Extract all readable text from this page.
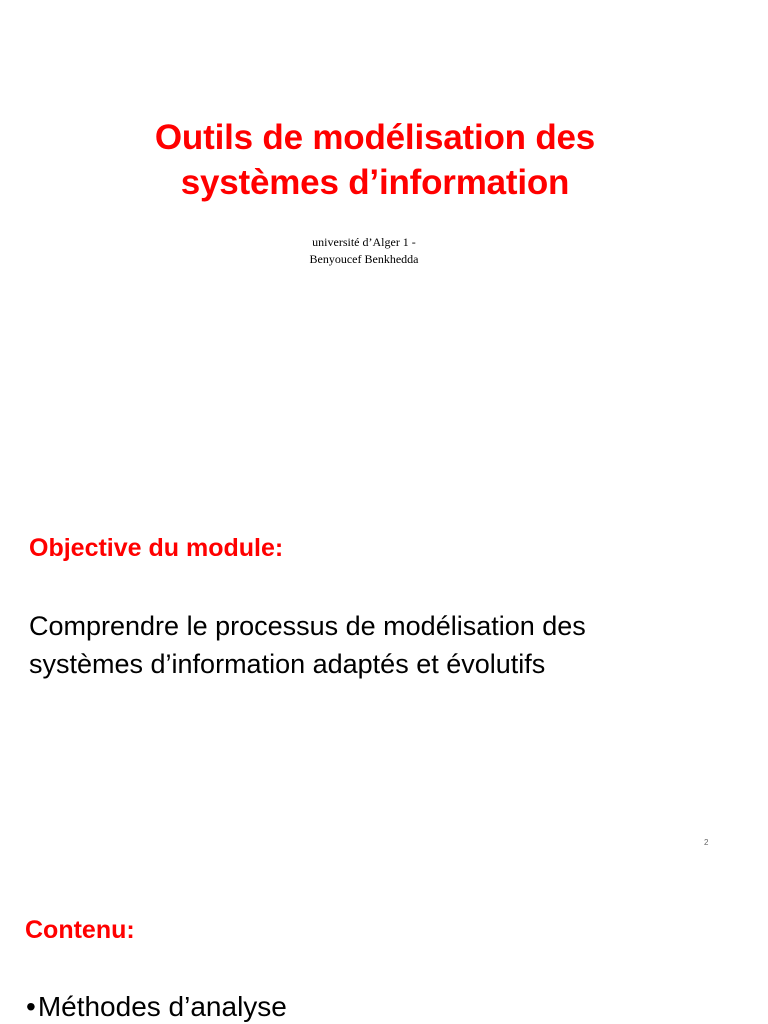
Outils de modélisation des
systèmes d’information
université d’Alger 1 -
Benyoucef Benkhedda
Objective du module:
Comprendre le processus de modélisation des
systèmes d’information adaptés et évolutifs
2
Contenu:
•Méthodes d’analyse
